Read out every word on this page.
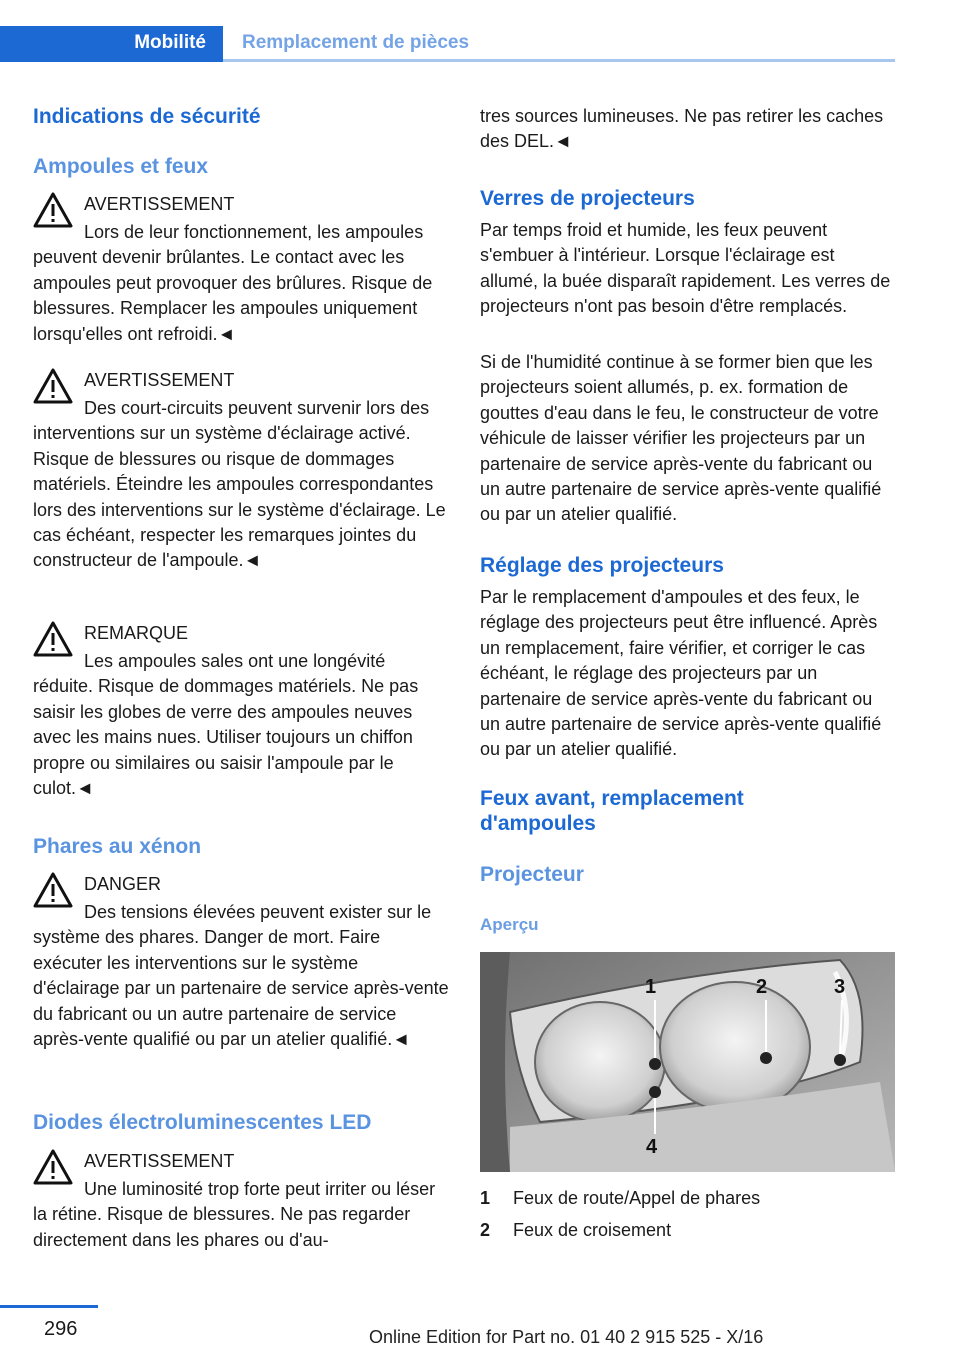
Mobilité Remplacement de pièces
Indications de sécurité
Ampoules et feux
AVERTISSEMENT

Lors de leur fonctionnement, les ampoules peuvent devenir brûlantes. Le contact avec les ampoules peut provoquer des brûlures. Risque de blessures. Remplacer les ampoules uniquement lorsqu'elles ont refroidi.◄

AVERTISSEMENT

Des court-circuits peuvent survenir lors des interventions sur un système d'éclairage activé. Risque de blessures ou risque de dommages matériels. Éteindre les ampoules correspondantes lors des interventions sur le système d'éclairage. Le cas échéant, respecter les remarques jointes du constructeur de l'ampoule.◄

REMARQUE

Les ampoules sales ont une longévité réduite. Risque de dommages matériels. Ne pas saisir les globes de verre des ampoules neuves avec les mains nues. Utiliser toujours un chiffon propre ou similaires ou saisir l'ampoule par le culot.◄

Phares au xénon
DANGER

Des tensions élevées peuvent exister sur le système des phares. Danger de mort. Faire exécuter les interventions sur le système d'éclairage par un partenaire de service après-vente du fabricant ou un autre partenaire de service après-vente qualifié ou par un atelier qualifié.◄

Diodes électroluminescentes LED
AVERTISSEMENT

Une luminosité trop forte peut irriter ou léser la rétine. Risque de blessures. Ne pas regarder directement dans les phares ou d'au-

tres sources lumineuses. Ne pas retirer les caches des DEL.◄

Verres de projecteurs

Par temps froid et humide, les feux peuvent s'embuer à l'intérieur. Lorsque l'éclairage est allumé, la buée disparaît rapidement. Les verres de projecteurs n'ont pas besoin d'être remplacés.

Si de l'humidité continue à se former bien que les projecteurs soient allumés, p. ex. formation de gouttes d'eau dans le feu, le constructeur de votre véhicule de laisser vérifier les projecteurs par un partenaire de service après-vente du fabricant ou un autre partenaire de service après-vente qualifié ou par un atelier qualifié.

Réglage des projecteurs

Par le remplacement d'ampoules et des feux, le réglage des projecteurs peut être influencé. Après un remplacement, faire vérifier, et corriger le cas échéant, le réglage des projecteurs par un partenaire de service après-vente du fabricant ou un autre partenaire de service après-vente qualifié ou par un atelier qualifié.

Feux avant, remplacement d'ampoules
Projecteur
Aperçu
1	2	3
4
1 Feux de route/Appel de phares
2 Feux de croisement
296	Online Edition for Part no. 01 40 2 915 525 - X/16
